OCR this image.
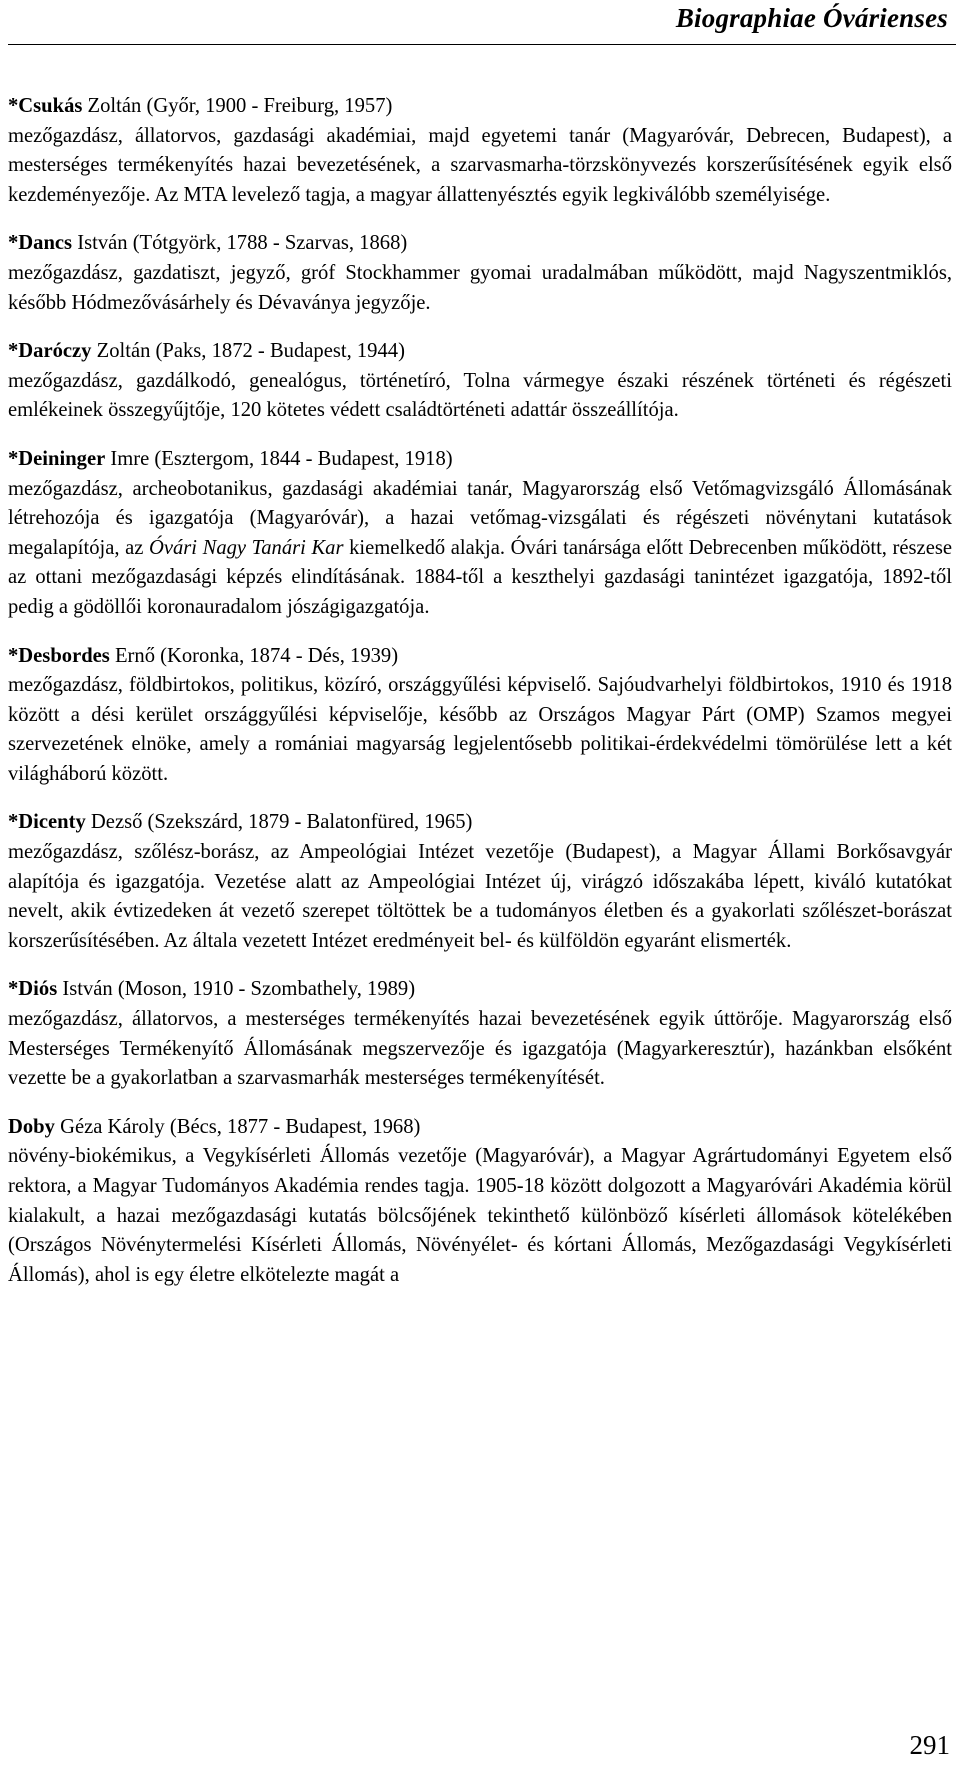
Biographiae Óvárienses
*Csukás Zoltán (Győr, 1900 - Freiburg, 1957)
mezőgazdász, állatorvos, gazdasági akadémiai, majd egyetemi tanár (Magyaróvár, Debrecen, Budapest), a mesterséges termékenyítés hazai bevezetésének, a szarvasmarha-törzskönyvezés korszerűsítésének egyik első kezdeményezője. Az MTA levelező tagja, a magyar állattenyésztés egyik legkiválóbb személyisége.
*Dancs István (Tótgyörk, 1788 - Szarvas, 1868)
mezőgazdász, gazdatiszt, jegyző, gróf Stockhammer gyomai uradalmában működött, majd Nagyszentmiklós, később Hódmezővásárhely és Dévaványa jegyzője.
*Daróczy Zoltán (Paks, 1872 - Budapest, 1944)
mezőgazdász, gazdálkodó, genealógus, történetíró, Tolna vármegye északi részének történeti és régészeti emlékeinek összegyűjtője, 120 kötetes védett családtörténeti adattár összeállítója.
*Deininger Imre (Esztergom, 1844 - Budapest, 1918)
mezőgazdász, archeobotanikus, gazdasági akadémiai tanár, Magyarország első Vetőmagvizsgáló Állomásának létrehozója és igazgatója (Magyaróvár), a hazai vetőmag-vizsgálati és régészeti növénytani kutatások megalapítója, az Óvári Nagy Tanári Kar kiemelkedő alakja. Óvári tanársága előtt Debrecenben működött, részese az ottani mezőgazdasági képzés elindításának. 1884-től a keszthelyi gazdasági tanintézet igazgatója, 1892-től pedig a gödöllői koronauradalom jószágigazgatója.
*Desbordes Ernő (Koronka, 1874 - Dés, 1939)
mezőgazdász, földbirtokos, politikus, közíró, országgyűlési képviselő. Sajóudvarhelyi földbirtokos, 1910 és 1918 között a dési kerület országgyűlési képviselője, később az Országos Magyar Párt (OMP) Szamos megyei szervezetének elnöke, amely a romániai magyarság legjelentősebb politikai-érdekvédelmi tömörülése lett a két világháború között.
*Dicenty Dezső (Szekszárd, 1879 - Balatonfüred, 1965)
mezőgazdász, szőlész-borász, az Ampeológiai Intézet vezetője (Budapest), a Magyar Állami Borkősavgyár alapítója és igazgatója. Vezetése alatt az Ampeológiai Intézet új, virágzó időszakába lépett, kiváló kutatókat nevelt, akik évtizedeken át vezető szerepet töltöttek be a tudományos életben és a gyakorlati szőlészet-borászat korszerűsítésében. Az általa vezetett Intézet eredményeit bel- és külföldön egyaránt elismerték.
*Diós István (Moson, 1910 - Szombathely, 1989)
mezőgazdász, állatorvos, a mesterséges termékenyítés hazai bevezetésének egyik úttörője. Magyarország első Mesterséges Termékenyítő Állomásának megszervezője és igazgatója (Magyarkeresztúr), hazánkban elsőként vezette be a gyakorlatban a szarvasmarhák mesterséges termékenyítését.
Doby Géza Károly (Bécs, 1877 - Budapest, 1968)
növény-biokémikus, a Vegykísérleti Állomás vezetője (Magyaróvár), a Magyar Agrártudományi Egyetem első rektora, a Magyar Tudományos Akadémia rendes tagja. 1905-18 között dolgozott a Magyaróvári Akadémia körül kialakult, a hazai mezőgazdasági kutatás bölcsőjének tekinthető különböző kísérleti állomások kötelékében (Országos Növénytermelési Kísérleti Állomás, Növényélet- és kórtani Állomás, Mezőgazdasági Vegykísérleti Állomás), ahol is egy életre elkötelezte magát a
291
